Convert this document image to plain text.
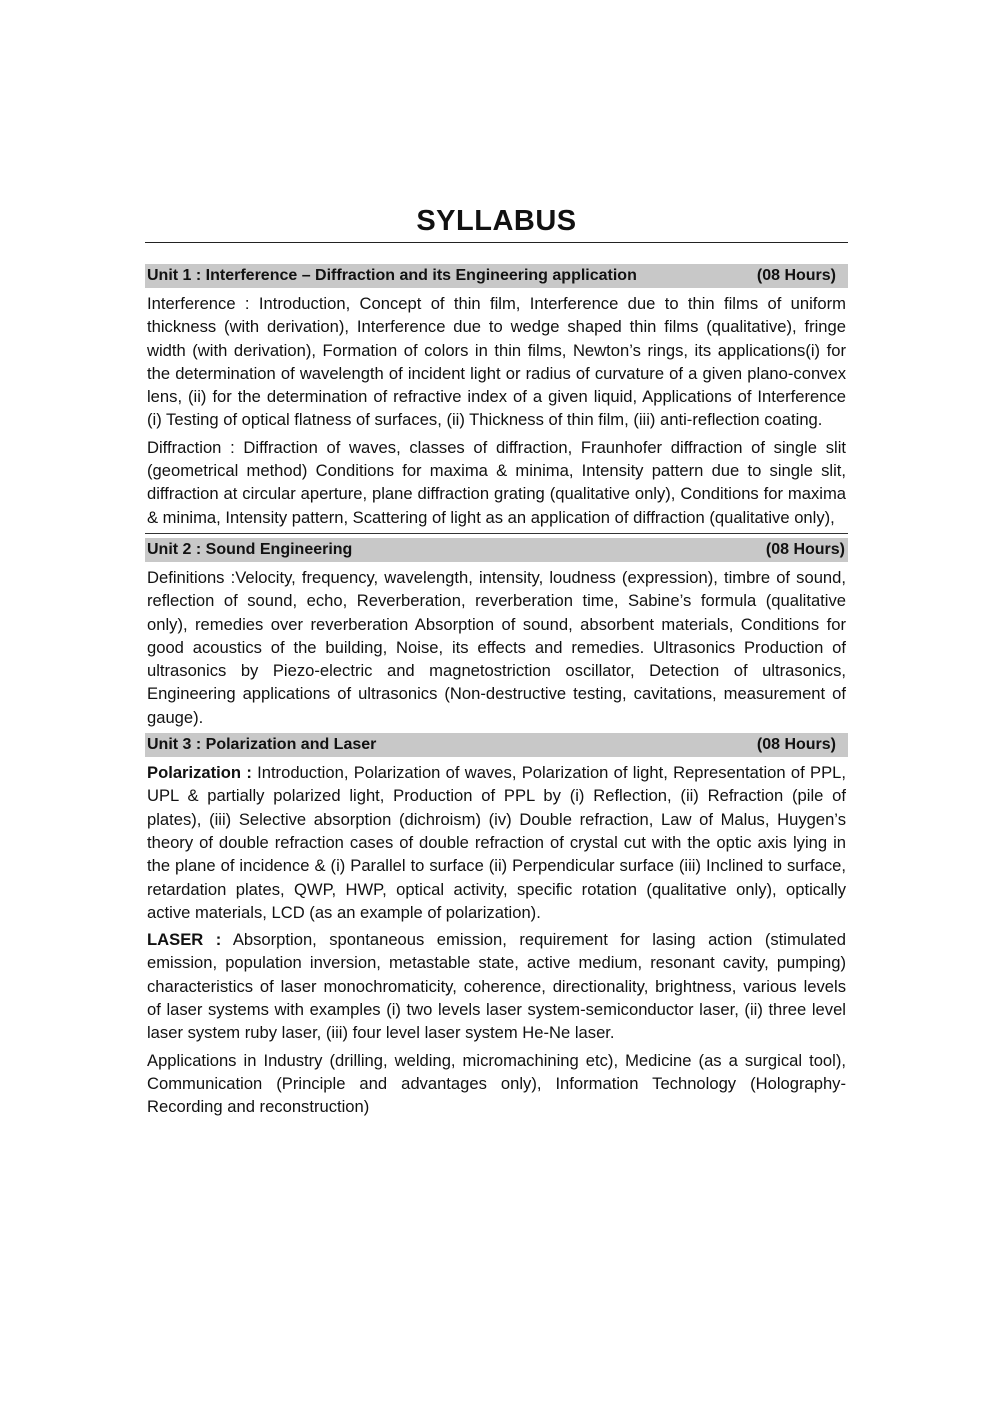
SYLLABUS
Unit 1 : Interference – Diffraction and its Engineering application	(08 Hours)

Interference : Introduction, Concept of thin film, Interference due to thin films of uniform thickness (with derivation), Interference due to wedge shaped thin films (qualitative), fringe width (with derivation), Formation of colors in thin films, Newton’s rings, its applications(i) for the determination of wavelength of incident light or radius of curvature of a given plano-convex lens, (ii) for the determination of refractive index of a given liquid, Applications of Interference (i) Testing of optical flatness of surfaces, (ii) Thickness of thin film, (iii) anti-reflection coating.

Diffraction : Diffraction of waves, classes of diffraction, Fraunhofer diffraction of single slit (geometrical method) Conditions for maxima & minima, Intensity pattern due to single slit, diffraction at circular aperture, plane diffraction grating (qualitative only), Conditions for maxima & minima, Intensity pattern, Scattering of light as an application of diffraction (qualitative only),

Unit 2 : Sound Engineering	(08 Hours)

Definitions :Velocity, frequency, wavelength, intensity, loudness (expression), timbre of sound, reflection of sound, echo, Reverberation, reverberation time, Sabine’s formula (qualitative only), remedies over reverberation Absorption of sound, absorbent materials, Conditions for good acoustics of the building, Noise, its effects and remedies. Ultrasonics Production of ultrasonics by Piezo-electric and magnetostriction oscillator, Detection of ultrasonics, Engineering applications of ultrasonics (Non-destructive testing, cavitations, measurement of gauge).

Unit 3 : Polarization and Laser	(08 Hours)

Polarization : Introduction, Polarization of waves, Polarization of light, Representation of PPL, UPL & partially polarized light, Production of PPL by (i) Reflection, (ii) Refraction (pile of plates), (iii) Selective absorption (dichroism) (iv) Double refraction, Law of Malus, Huygen’s theory of double refraction cases of double refraction of crystal cut with the optic axis lying in the plane of incidence & (i) Parallel to surface (ii) Perpendicular surface (iii) Inclined to surface, retardation plates, QWP, HWP, optical activity, specific rotation (qualitative only), optically active materials, LCD (as an example of polarization).

LASER : Absorption, spontaneous emission, requirement for lasing action (stimulated emission, population inversion, metastable state, active medium, resonant cavity, pumping) characteristics of laser monochromaticity, coherence, directionality, brightness, various levels of laser systems with examples (i) two levels laser system-semiconductor laser, (ii) three level laser system ruby laser, (iii) four level laser system He-Ne laser.

Applications in Industry (drilling, welding, micromachining etc), Medicine (as a surgical tool), Communication (Principle and advantages only), Information Technology (Holography-Recording and reconstruction)
